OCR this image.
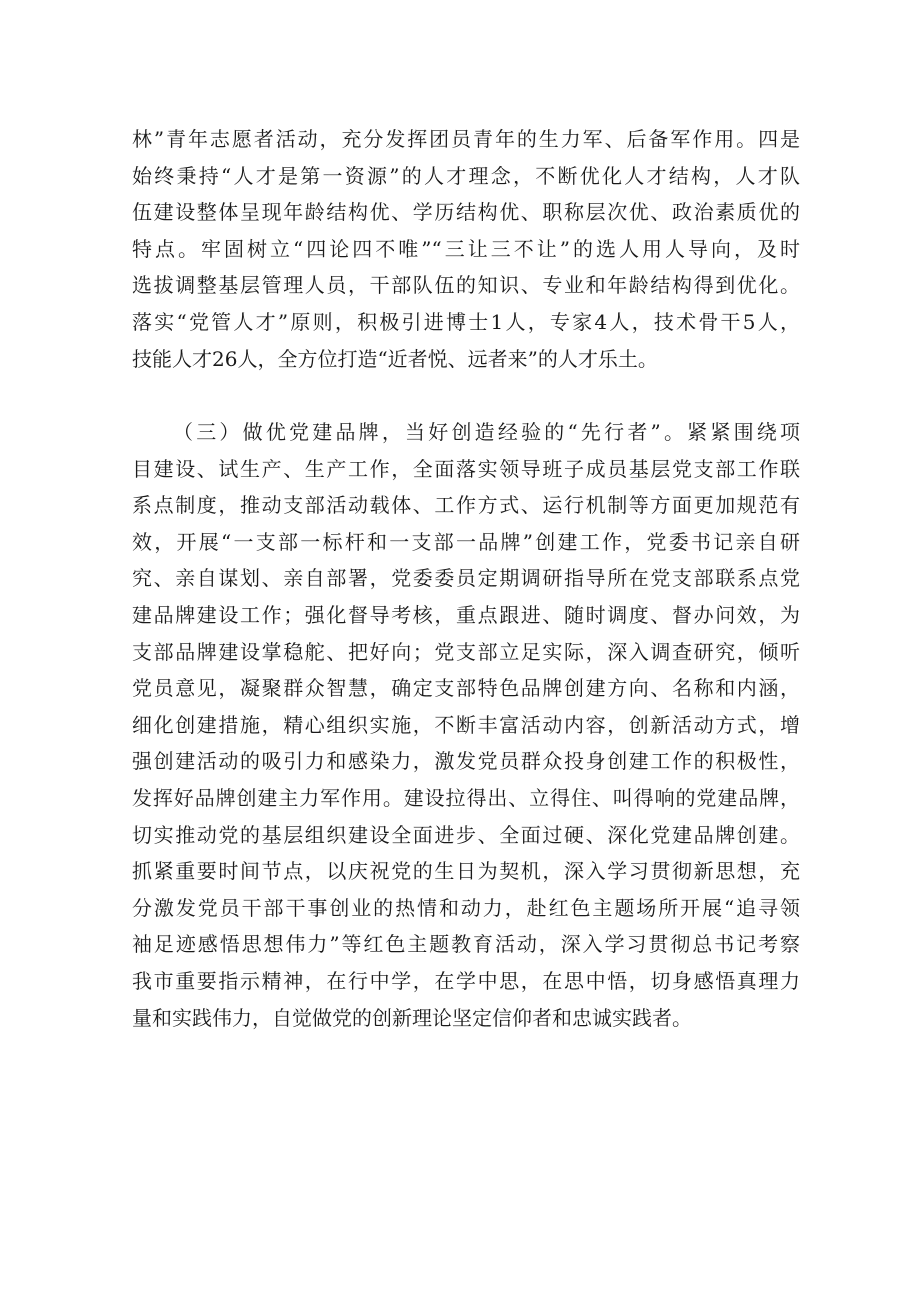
林”青年志愿者活动，充分发挥团员青年的生力军、后备军作用。四是
始终秉持“人才是第一资源”的人才理念，不断优化人才结构，人才队
伍建设整体呈现年龄结构优、学历结构优、职称层次优、政治素质优的
特点。牢固树立“四论四不唯”“三让三不让”的选人用人导向，及时
选拔调整基层管理人员，干部队伍的知识、专业和年龄结构得到优化。
落实“党管人才”原则，积极引进博士1人，专家4人，技术骨干5人，
技能人才26人，全方位打造“近者悦、远者来”的人才乐土。
（三）做优党建品牌，当好创造经验的“先行者”。紧紧围绕项
目建设、试生产、生产工作，全面落实领导班子成员基层党支部工作联
系点制度，推动支部活动载体、工作方式、运行机制等方面更加规范有
效，开展“一支部一标杆和一支部一品牌”创建工作，党委书记亲自研
究、亲自谋划、亲自部署，党委委员定期调研指导所在党支部联系点党
建品牌建设工作；强化督导考核，重点跟进、随时调度、督办问效，为
支部品牌建设掌稳舵、把好向；党支部立足实际，深入调查研究，倾听
党员意见，凝聚群众智慧，确定支部特色品牌创建方向、名称和内涵，
细化创建措施，精心组织实施，不断丰富活动内容，创新活动方式，增
强创建活动的吸引力和感染力，激发党员群众投身创建工作的积极性，
发挥好品牌创建主力军作用。建设拉得出、立得住、叫得响的党建品牌，
切实推动党的基层组织建设全面进步、全面过硬、深化党建品牌创建。
抓紧重要时间节点，以庆祝党的生日为契机，深入学习贯彻新思想，充
分激发党员干部干事创业的热情和动力，赴红色主题场所开展“追寻领
袖足迹感悟思想伟力”等红色主题教育活动，深入学习贯彻总书记考察
我市重要指示精神，在行中学，在学中思，在思中悟，切身感悟真理力
量和实践伟力，自觉做党的创新理论坚定信仰者和忠诚实践者。
